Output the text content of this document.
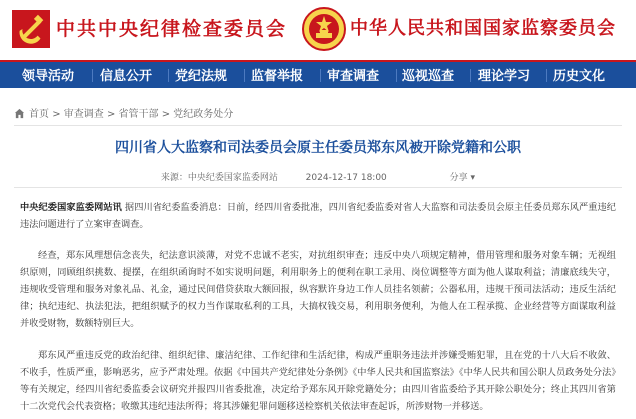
中共中央纪律检查委员会	中华人民共和国国家监察委员会
领导活动 信息公开 党纪法规 监督举报 审查调查 巡视巡查 理论学习 历史文化
首页 > 审查调查 > 省管干部 > 党纪政务处分
四川省人大监察和司法委员会原主任委员郑东风被开除党籍和公职
来源：中央纪委国家监委网站	2024-12-17 18:00	分享 ▾
中央纪委国家监委网站讯 据四川省纪委监委消息：日前，经四川省委批准，四川省纪委监委对省人大监察和司法委员会原主任委员郑东风严重违纪违法问题进行了立案审查调查。
经查，郑东风理想信念丧失，纪法意识淡薄，对党不忠诚不老实，对抗组织审查；违反中央八项规定精神，借用管理和服务对象车辆；无视组织原则，同顾组织挑数、提摆，在组织函询时不如实说明问题，利用职务上的便利在职工录用、岗位调整等方面为他人谋取利益；清廉底线失守，违规收受管理和服务对象礼品、礼金，通过民间借贷获取大额回报，纵容默许身边工作人员挂名领薪；公器私用，违规干预司法活动；违反生活纪律；执纪违纪、执法犯法，把组织赋予的权力当作谋取私利的工具，大搞权钱交易，利用职务便利，为他人在工程承揽、企业经营等方面谋取利益并收受财物，数额特别巨大。
郑东风严重违反党的政治纪律、组织纪律、廉洁纪律、工作纪律和生活纪律，构成严重职务违法并涉嫌受贿犯罪，且在党的十八大后不收敛、不收手，性质严重，影响恶劣，应予严肃处理。依据《中国共产党纪律处分条例》《中华人民共和国监察法》《中华人民共和国公职人员政务处分法》等有关规定，经四川省纪委监委会议研究并报四川省委批准，决定给予郑东风开除党籍处分；由四川省监委给予其开除公职处分；终止其四川省第十二次党代会代表资格；收缴其违纪违法所得；将其涉嫌犯罪问题移送检察机关依法审查起诉，所涉财物一并移送。
